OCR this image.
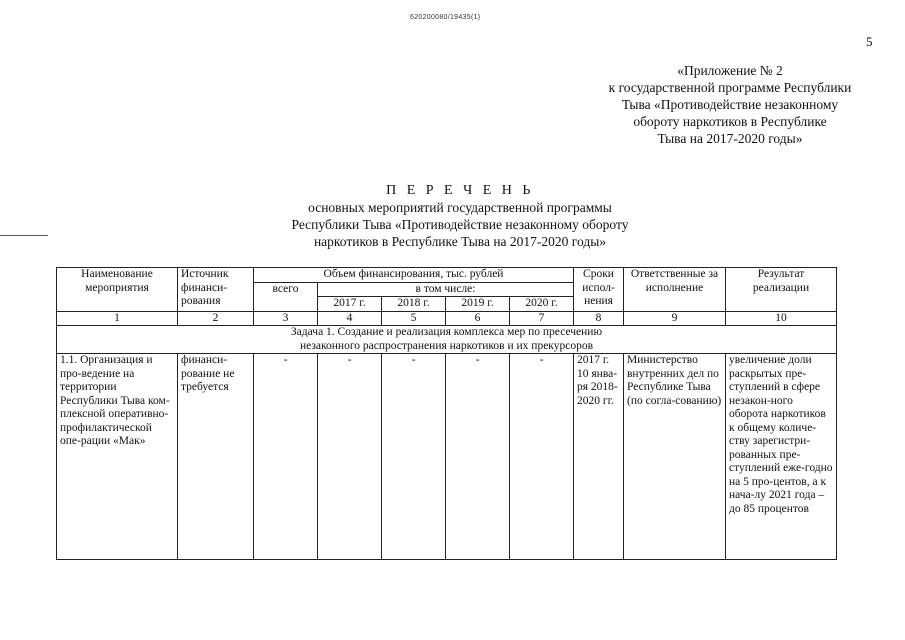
620200080/19435(1)
5
«Приложение № 2
к государственной программе Республики
Тыва «Противодействие незаконному
обороту наркотиков в Республике
Тыва на 2017-2020 годы»
П Е Р Е Ч Е Н Ь
основных мероприятий государственной программы
Республики Тыва «Противодействие незаконному обороту
наркотиков в Республике Тыва на 2017-2020 годы»
Наименование мероприятия	Источник финанси-рования	Объем финансирования, тыс. рублей					Сроки испол-нения	Ответственные за исполнение	Результат реализации
		всего	в том числе:						
			2017 г.	2018 г.	2019 г.	2020 г.			
1	2	3	4	5	6	7	8	9	10

Задача 1. Создание и реализация комплекса мер по пресечению
незаконного распространения наркотиков и их прекурсоров									

1.1. Организация и про-ведение на территории Республики Тыва ком-плексной оперативно-профилактической опе-рации «Мак»	финанси-рование не требуется	-	-	-	-	-	2017 г. 10 янва-ря 2018-2020 гг.	Министерство внутренних дел по Республике Тыва (по согла-сованию)	увеличение доли раскрытых пре-ступлений в сфере незакон-ного оборота наркотиков к общему количе-ству зарегистри-рованных пре-ступлений еже-годно на 5 про-центов, а к нача-лу 2021 года – до 85 процентов
